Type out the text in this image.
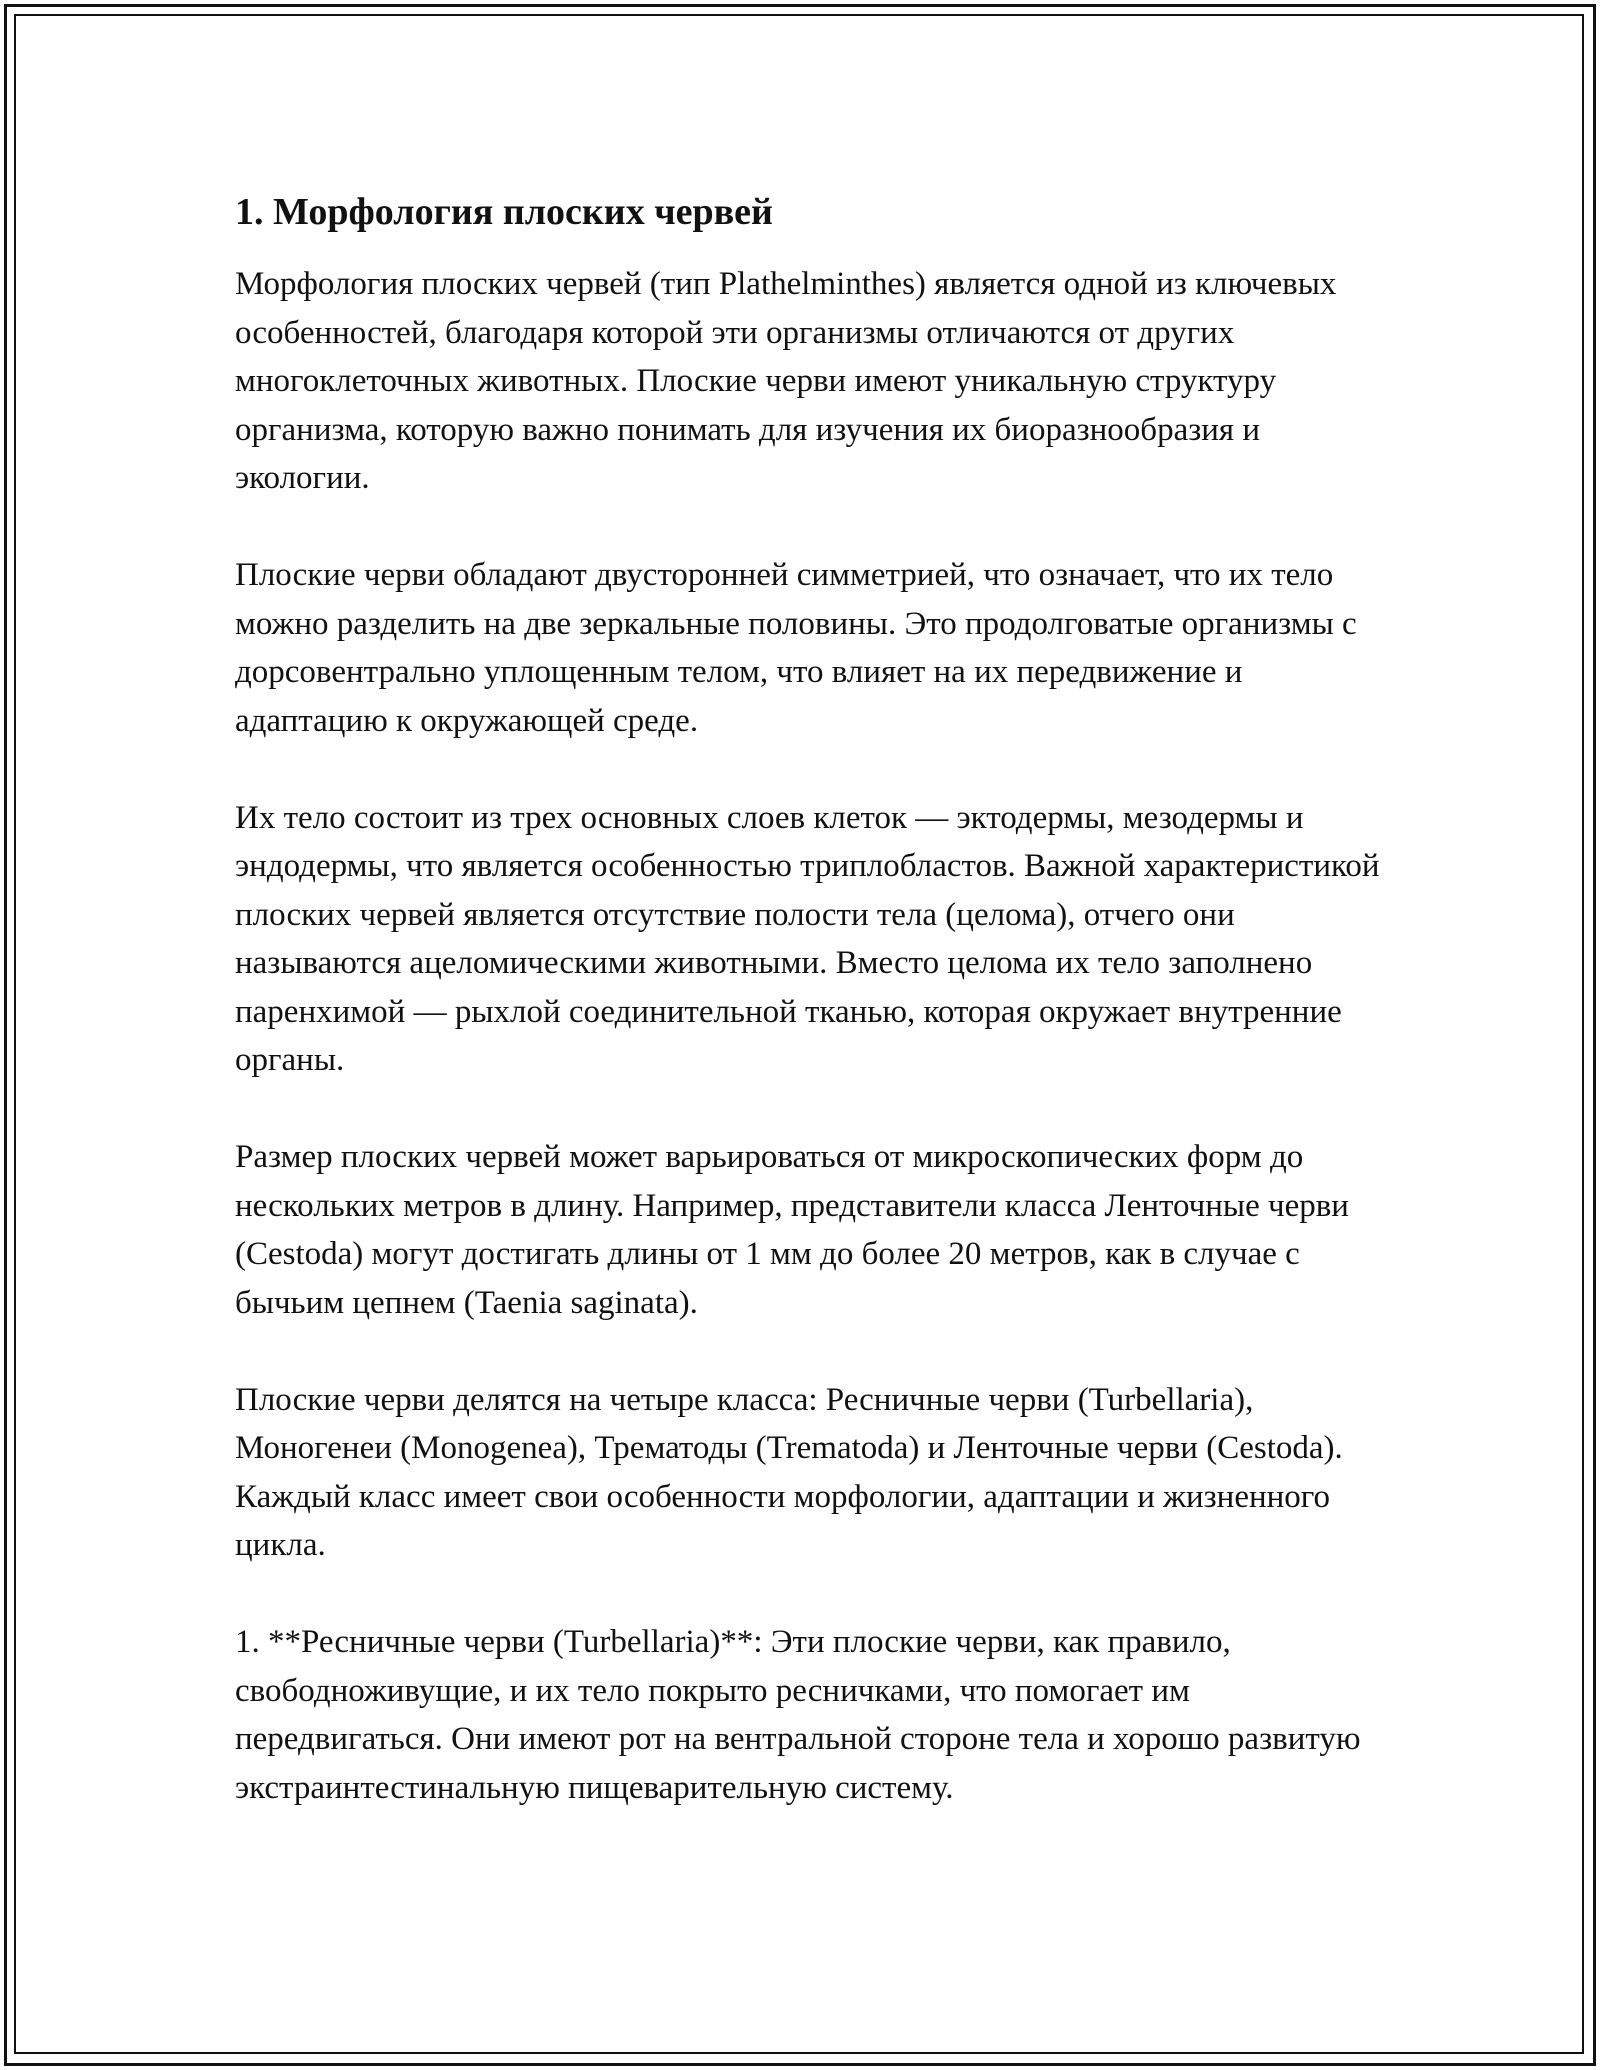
1. Морфология плоских червей

Морфология плоских червей (тип Plathelminthes) является одной из ключевых особенностей, благодаря которой эти организмы отличаются от других многоклеточных животных. Плоские черви имеют уникальную структуру организма, которую важно понимать для изучения их биоразнообразия и экологии.

Плоские черви обладают двусторонней симметрией, что означает, что их тело можно разделить на две зеркальные половины. Это продолговатые организмы с дорсовентрально уплощенным телом, что влияет на их передвижение и адаптацию к окружающей среде.

Их тело состоит из трех основных слоев клеток — эктодермы, мезодермы и эндодермы, что является особенностью триплобластов. Важной характеристикой плоских червей является отсутствие полости тела (целома), отчего они называются ацеломическими животными. Вместо целома их тело заполнено паренхимой — рыхлой соединительной тканью, которая окружает внутренние органы.

Размер плоских червей может варьироваться от микроскопических форм до нескольких метров в длину. Например, представители класса Ленточные черви (Cestoda) могут достигать длины от 1 мм до более 20 метров, как в случае с бычьим цепнем (Taenia saginata).

Плоские черви делятся на четыре класса: Ресничные черви (Turbellaria), Моногенеи (Monogenea), Трематоды (Trematoda) и Ленточные черви (Cestoda). Каждый класс имеет свои особенности морфологии, адаптации и жизненного цикла.

1. **Ресничные черви (Turbellaria)**: Эти плоские черви, как правило, свободноживущие, и их тело покрыто ресничками, что помогает им передвигаться. Они имеют рот на вентральной стороне тела и хорошо развитую экстраинтестинальную пищеварительную систему.
